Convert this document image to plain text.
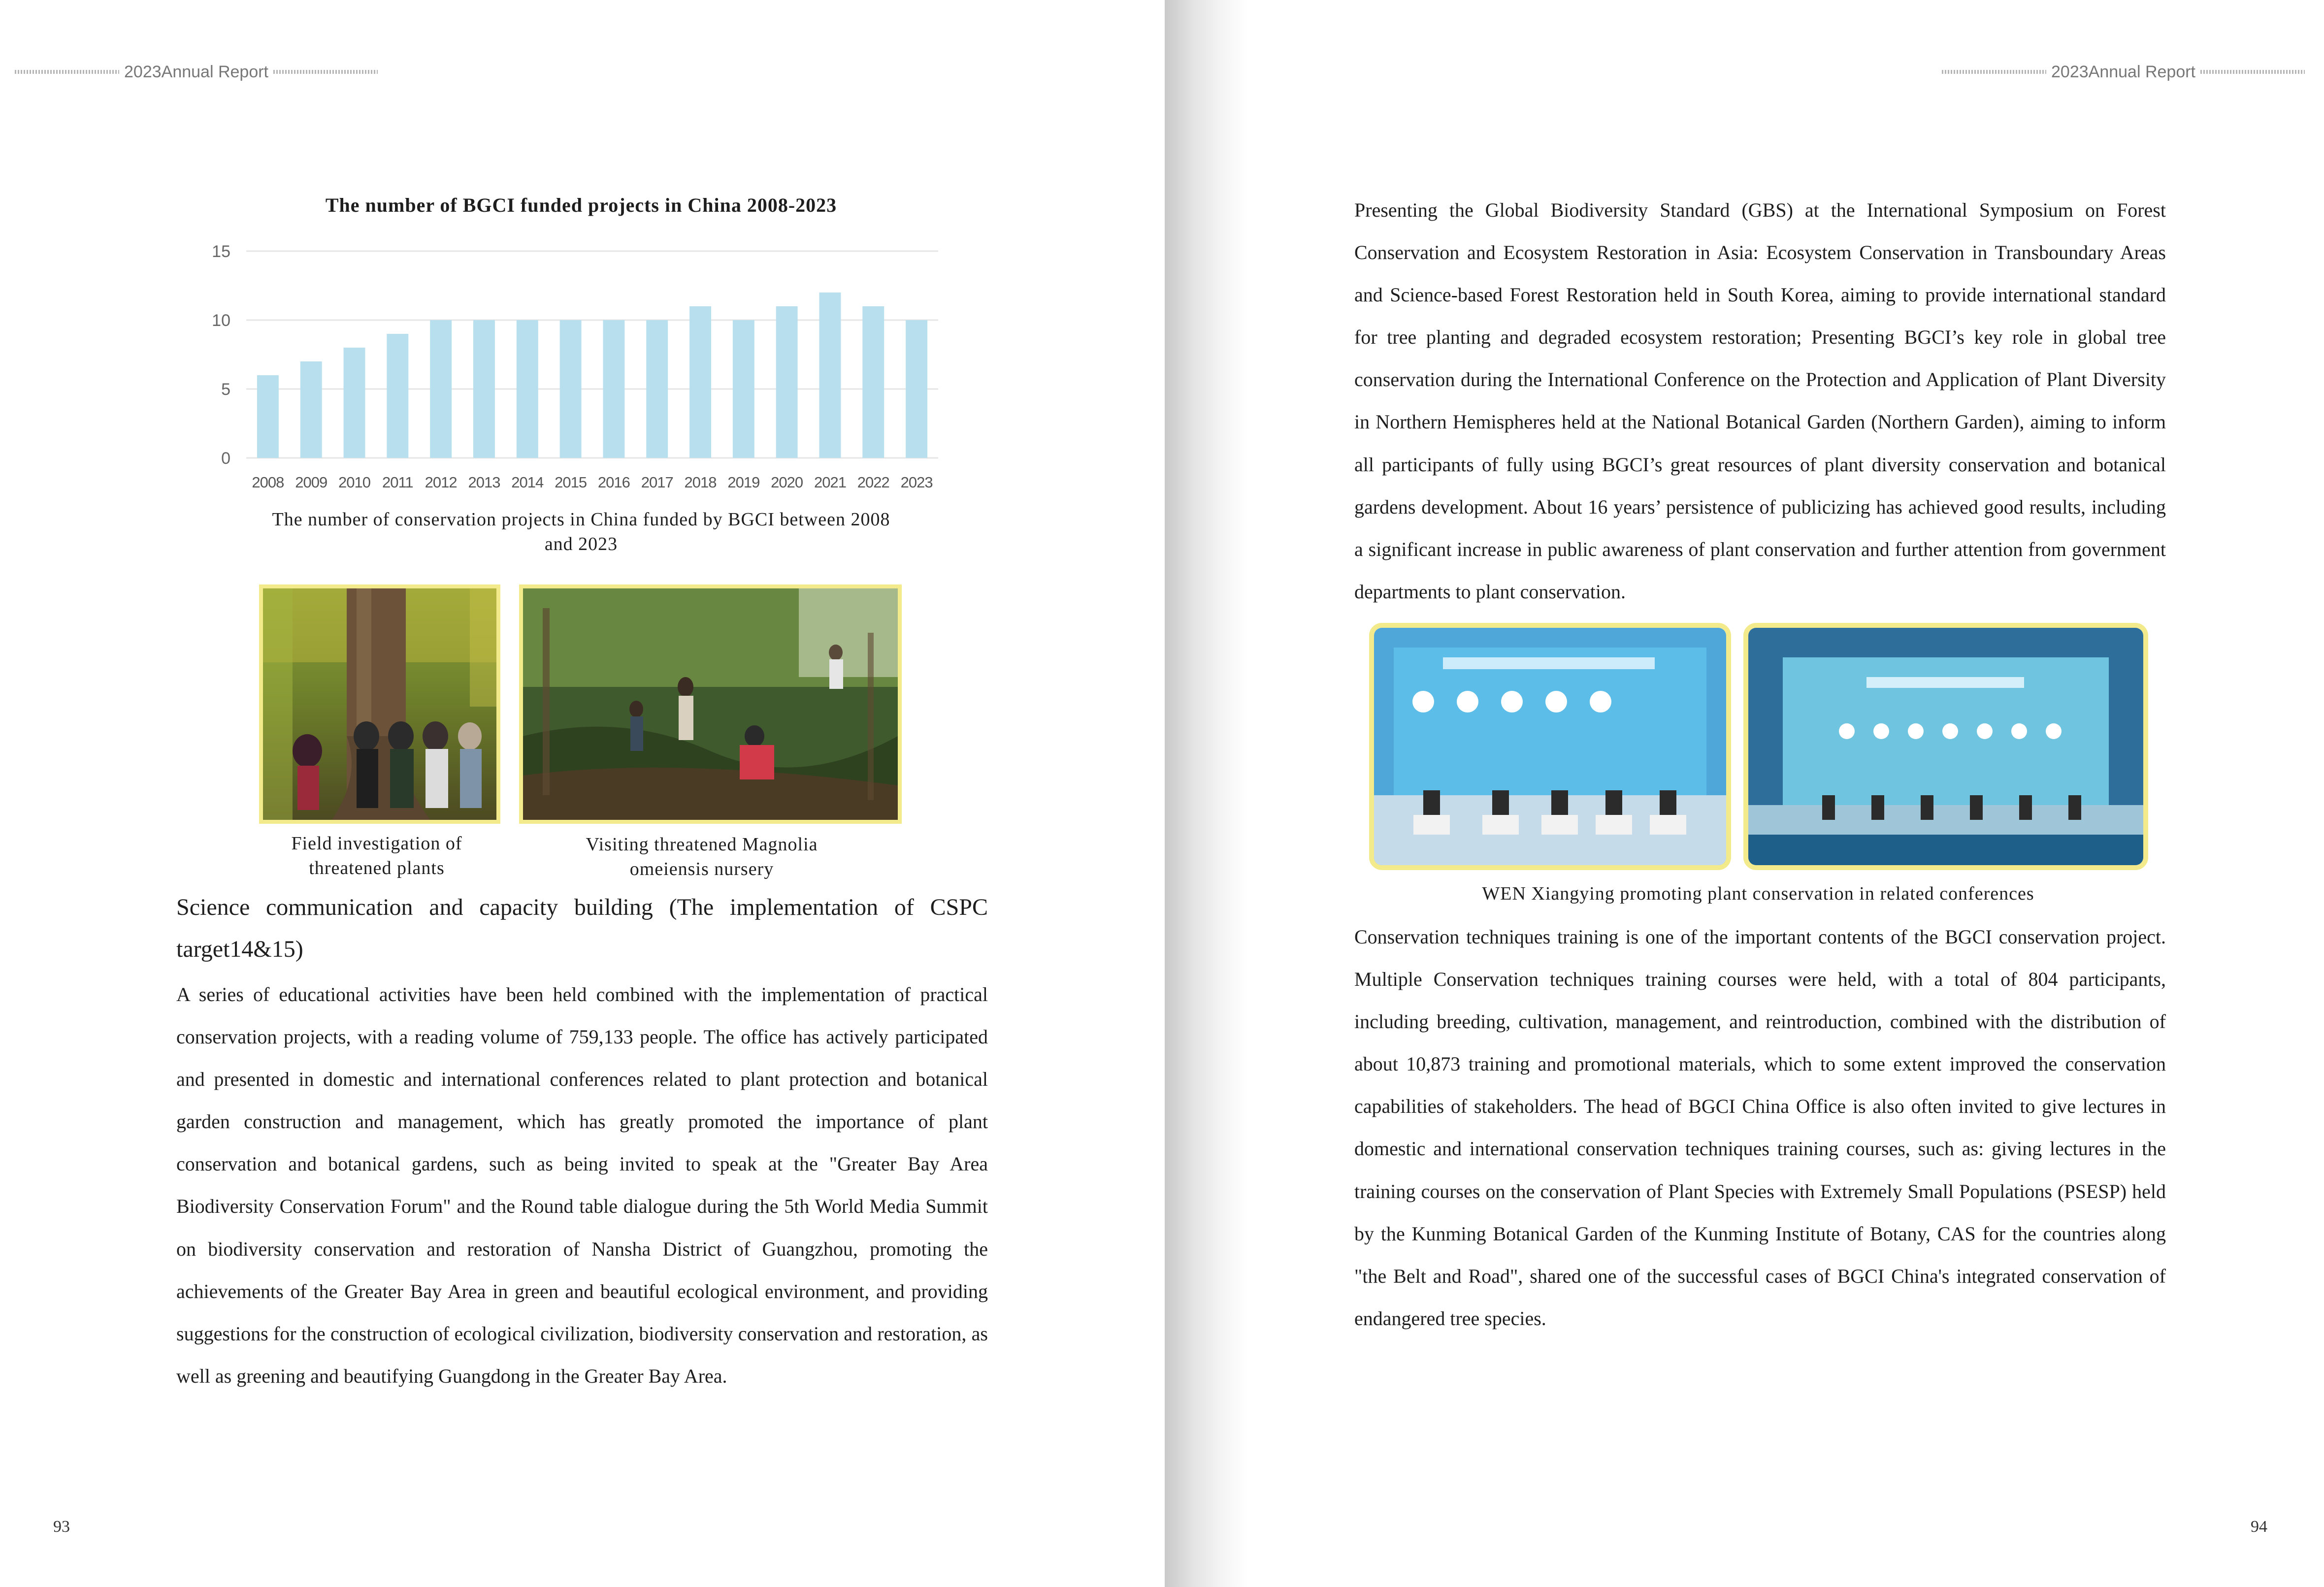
2023Annual Report
The number of BGCI funded projects in China 2008-2023
0
5
10
15
2008 2009 2010 2011 2012 2013 2014 2015 2016 2017 2018 2019 2020 2021 2022 2023
The number of conservation projects in China funded by BGCI between 2008 and 2023
Field investigation of threatened plants
Visiting threatened Magnolia omeiensis nursery

Science communication and capacity building (The implementation of CSPC target14&15)

A series of educational activities have been held combined with the implementation of practical conservation projects, with a reading volume of 759,133 people. The office has actively participated and presented in domestic and international conferences related to plant protection and botanical garden construction and management, which has greatly promoted the importance of plant conservation and botanical gardens, such as being invited to speak at the "Greater Bay Area Biodiversity Conservation Forum" and the Round table dialogue during the 5th World Media Summit on biodiversity conservation and restoration of Nansha District of Guangzhou, promoting the achievements of the Greater Bay Area in green and beautiful ecological environment, and providing suggestions for the construction of ecological civilization, biodiversity conservation and restoration, as well as greening and beautifying Guangdong in the Greater Bay Area.

93
2023Annual Report

Presenting the Global Biodiversity Standard (GBS) at the International Symposium on Forest Conservation and Ecosystem Restoration in Asia: Ecosystem Conservation in Transboundary Areas and Science-based Forest Restoration held in South Korea, aiming to provide international standard for tree planting and degraded ecosystem restoration; Presenting BGCI’s key role in global tree conservation during the International Conference on the Protection and Application of Plant Diversity in Northern Hemispheres held at the National Botanical Garden (Northern Garden), aiming to inform all participants of fully using BGCI’s great resources of plant diversity conservation and botanical gardens development. About 16 years’ persistence of publicizing has achieved good results, including a significant increase in public awareness of plant conservation and further attention from government departments to plant conservation.

WEN Xiangying promoting plant conservation in related conferences

Conservation techniques training is one of the important contents of the BGCI conservation project. Multiple Conservation techniques training courses were held, with a total of 804 participants, including breeding, cultivation, management, and reintroduction, combined with the distribution of about 10,873 training and promotional materials, which to some extent improved the conservation capabilities of stakeholders. The head of BGCI China Office is also often invited to give lectures in domestic and international conservation techniques training courses, such as: giving lectures in the training courses on the conservation of Plant Species with Extremely Small Populations (PSESP) held by the Kunming Botanical Garden of the Kunming Institute of Botany, CAS for the countries along "the Belt and Road", shared one of the successful cases of BGCI China's integrated conservation of endangered tree species.

94
